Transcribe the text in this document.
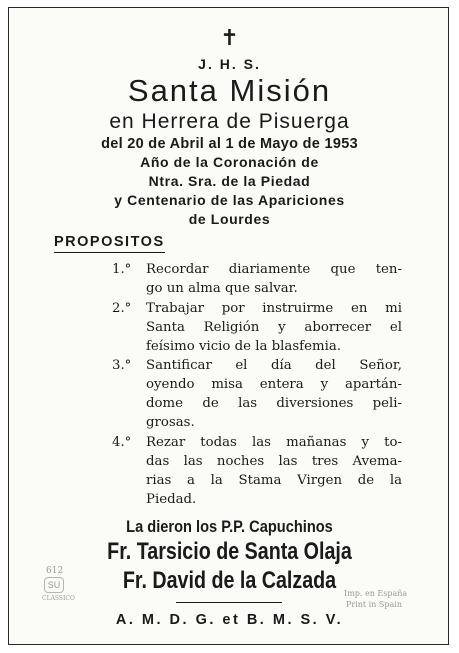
✝
J. H. S.
Santa Misión
en Herrera de Pisuerga
del 20 de Abril al 1 de Mayo de 1953
Año de la Coronación de
Ntra. Sra. de la Piedad
y Centenario de las Apariciones
de Lourdes
PROPOSITOS
1.°	Recordar diariamente que ten-
go un alma que salvar.
2.°	Trabajar por instruirme en mi
Santa Religión y aborrecer el
feísimo vicio de la blasfemia.
3.°	Santificar el día del Señor,
oyendo misa entera y apartán-
dome de las diversiones peli-
grosas.
4.°	Rezar todas las mañanas y to-
das las noches las tres Avema-
rias a la Stama Virgen de la
Piedad.
La dieron los P.P. Capuchinos
Fr. Tarsicio de Santa Olaja
Fr. David de la Calzada
A. M. D. G. et B. M. S. V.
612
SU
CLASSICO
Imp. en España
Print in Spain
